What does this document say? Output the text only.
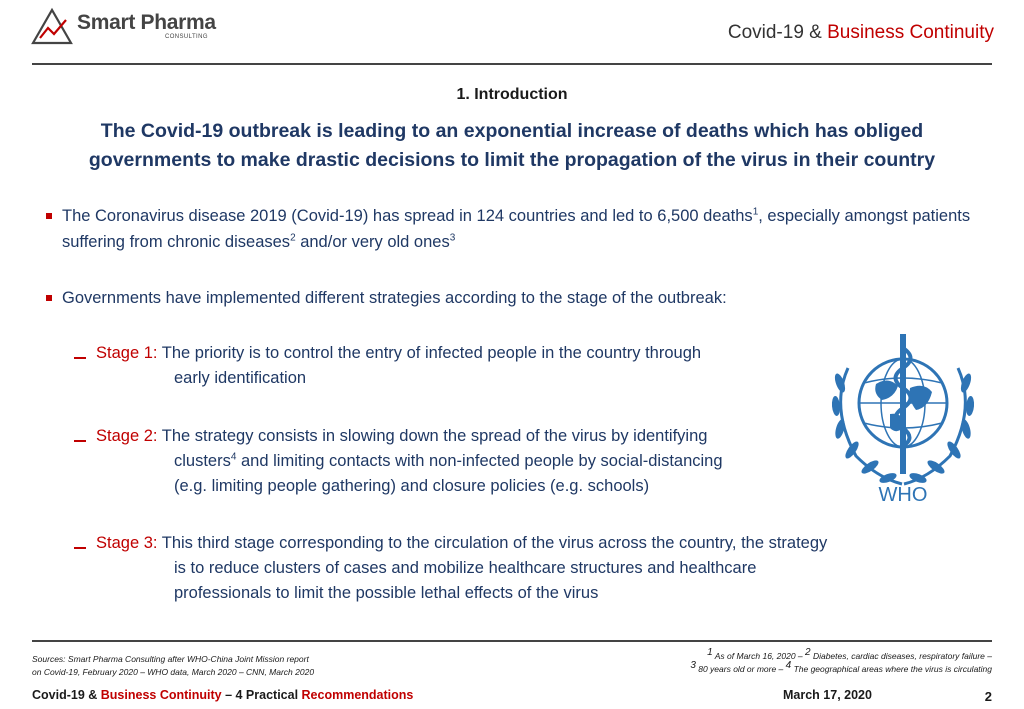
Smart Pharma
CONSULTING	Covid-19 & Business Continuity
1. Introduction
The Covid-19 outbreak is leading to an exponential increase of deaths which has obliged governments to make drastic decisions to limit the propagation of the virus in their country
The Coronavirus disease 2019 (Covid-19) has spread in 124 countries and led to 6,500 deaths$^1$, especially amongst patients suffering from chronic diseases$^2$ and/or very old ones$^3$
Governments have implemented different strategies according to the stage of the outbreak:
Stage 1: The priority is to control the entry of infected people in the country through
early identification
Stage 2: The strategy consists in slowing down the spread of the virus by identifying
clusters$^4$ and limiting contacts with non-infected people by social-distancing
(e.g. limiting people gathering) and closure policies (e.g. schools)
Stage 3: This third stage corresponding to the circulation of the virus across the country, the strategy
is to reduce clusters of cases and mobilize healthcare structures and healthcare
professionals to limit the possible lethal effects of the virus
WHO
Sources: Smart Pharma Consulting after WHO-China Joint Mission report
on Covid-19, February 2020 – WHO data, March 2020 – CNN, March 2020
$^1$ As of March 16, 2020 – $^2$ Diabetes, cardiac diseases, respiratory failure –
$^3$ 80 years old or more – $^4$ The geographical areas where the virus is circulating
Covid-19 & Business Continuity – 4 Practical Recommendations	March 17, 2020	2
